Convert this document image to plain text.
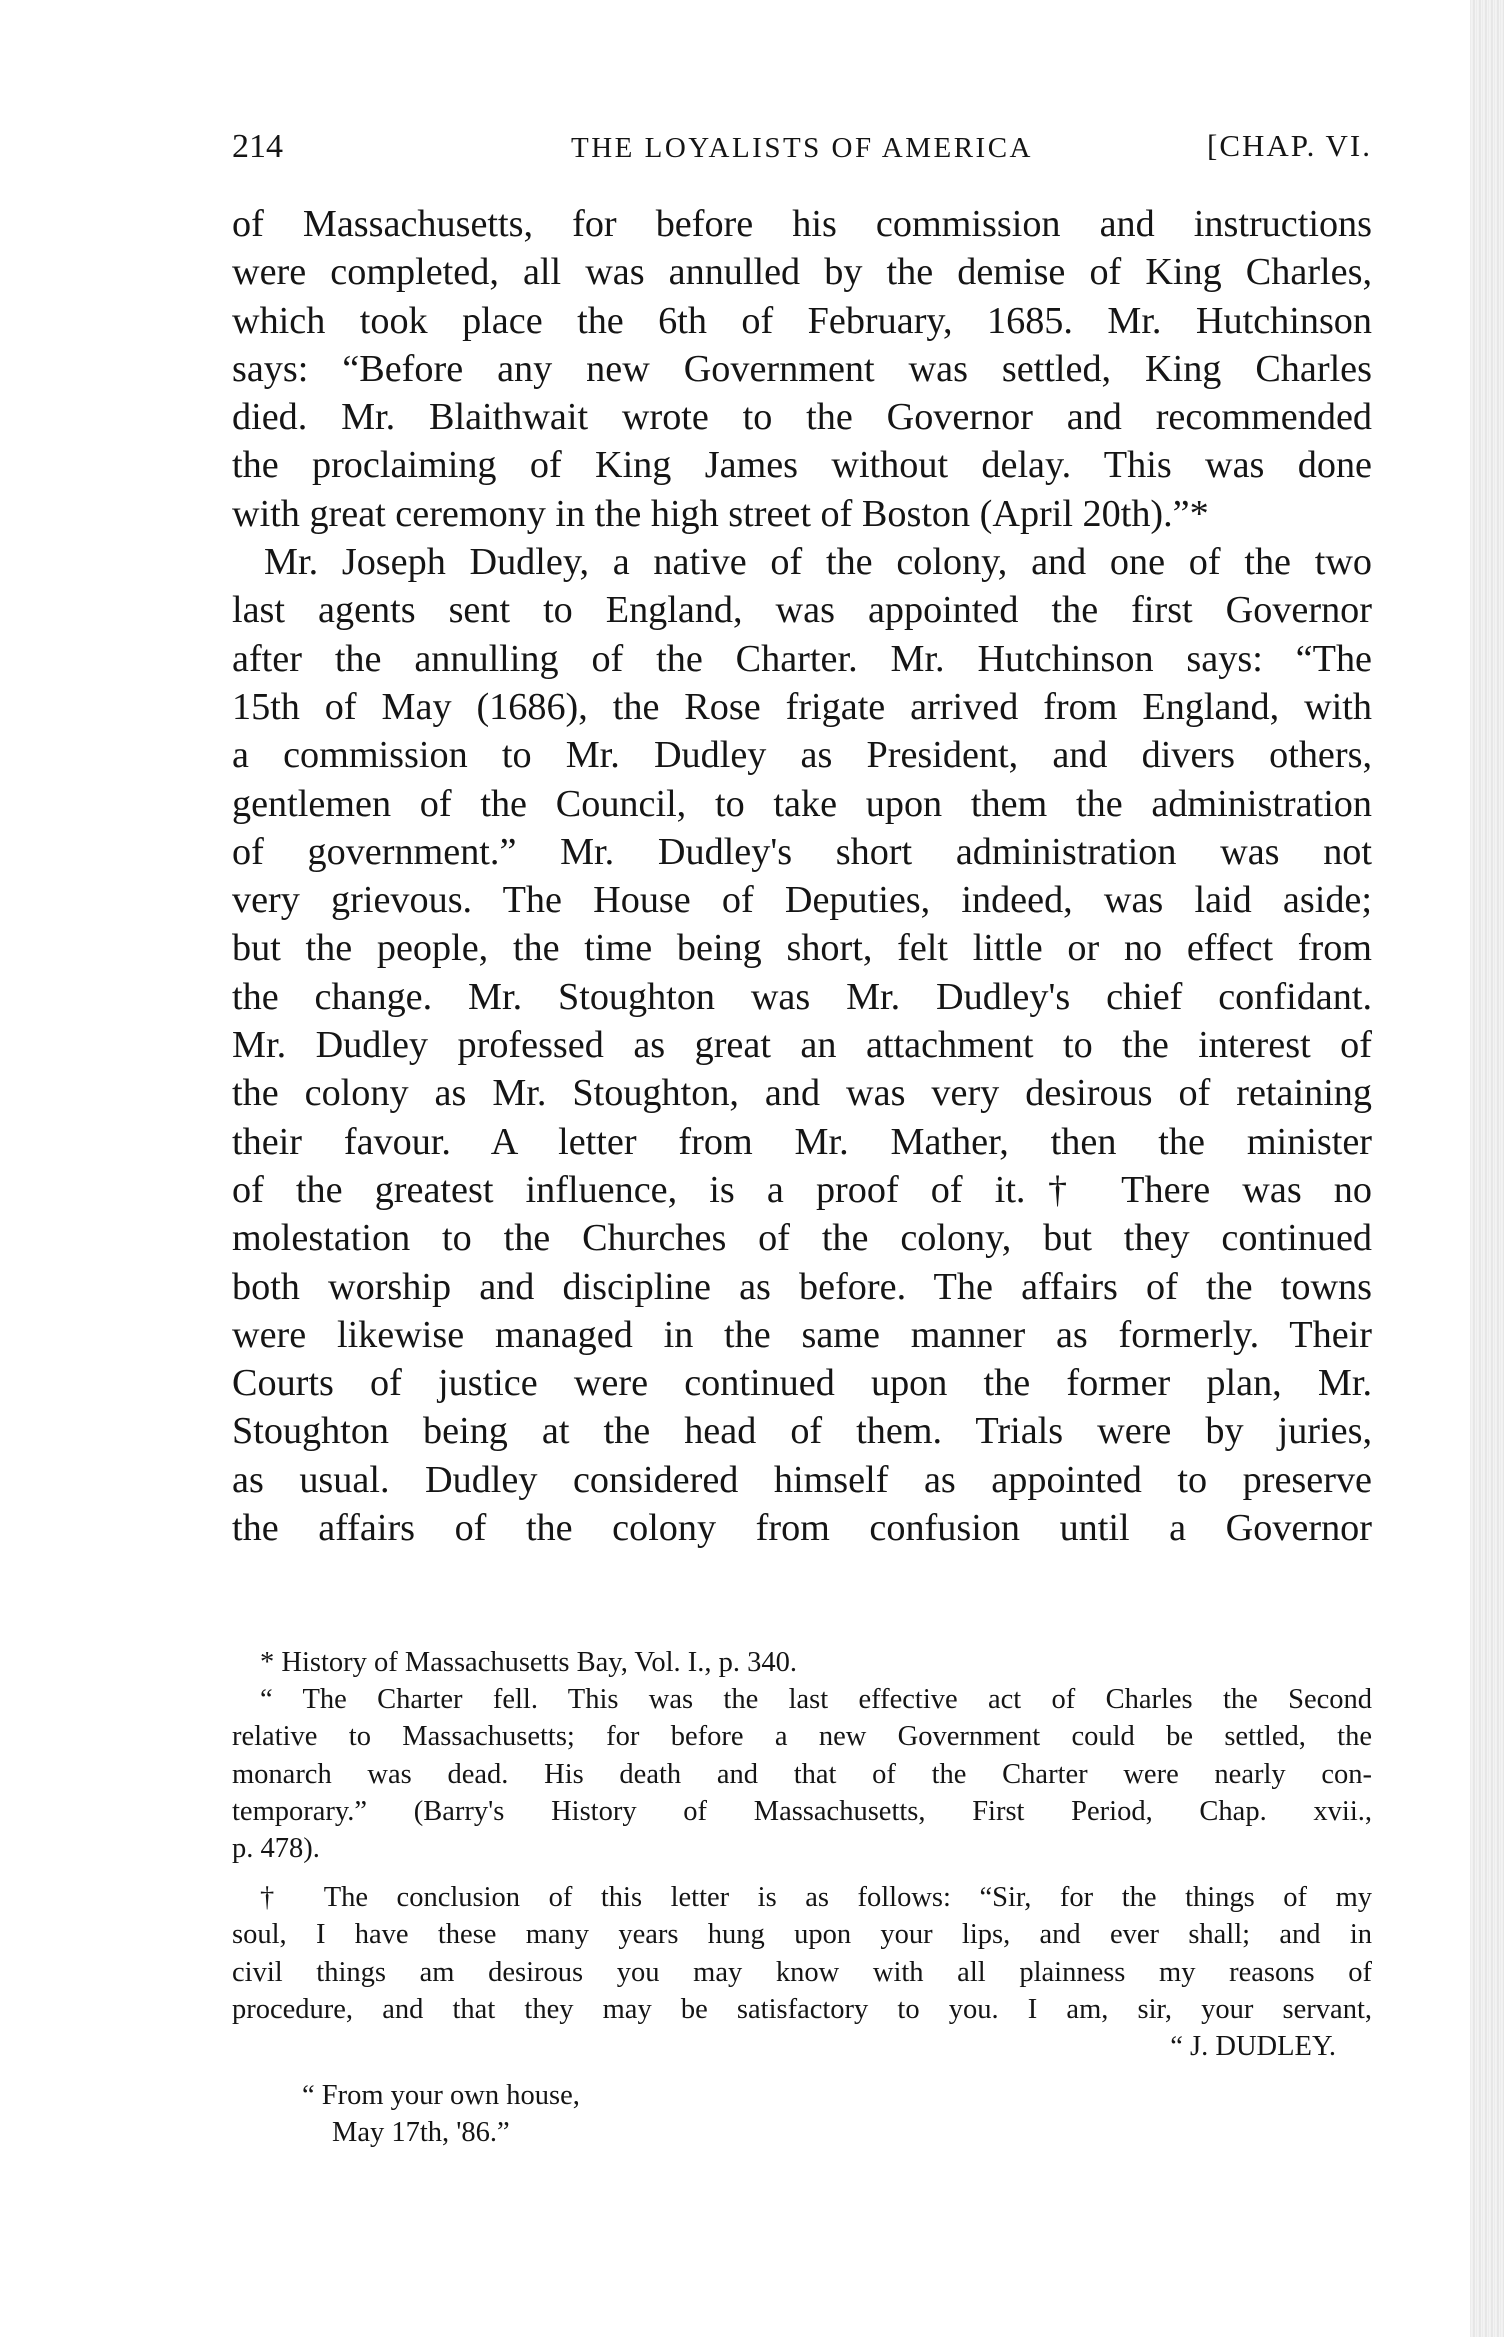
214	THE LOYALISTS OF AMERICA	[CHAP. VI.
of Massachusetts, for before his commission and instructions
were completed, all was annulled by the demise of King Charles,
which took place the 6th of February, 1685. Mr. Hutchinson
says: “Before any new Government was settled, King Charles
died. Mr. Blaithwait wrote to the Governor and recommended
the proclaiming of King James without delay. This was done
with great ceremony in the high street of Boston (April 20th).”*
Mr. Joseph Dudley, a native of the colony, and one of the two
last agents sent to England, was appointed the first Governor
after the annulling of the Charter. Mr. Hutchinson says: “The
15th of May (1686), the Rose frigate arrived from England, with
a commission to Mr. Dudley as President, and divers others,
gentlemen of the Council, to take upon them the administration
of government.” Mr. Dudley's short administration was not
very grievous. The House of Deputies, indeed, was laid aside;
but the people, the time being short, felt little or no effect from
the change. Mr. Stoughton was Mr. Dudley's chief confidant.
Mr. Dudley professed as great an attachment to the interest of
the colony as Mr. Stoughton, and was very desirous of retaining
their favour. A letter from Mr. Mather, then the minister
of the greatest influence, is a proof of it.† There was no
molestation to the Churches of the colony, but they continued
both worship and discipline as before. The affairs of the towns
were likewise managed in the same manner as formerly. Their
Courts of justice were continued upon the former plan, Mr.
Stoughton being at the head of them. Trials were by juries,
as usual. Dudley considered himself as appointed to preserve
the affairs of the colony from confusion until a Governor
* History of Massachusetts Bay, Vol. I., p. 340.
“ The Charter fell. This was the last effective act of Charles the Second
relative to Massachusetts; for before a new Government could be settled, the
monarch was dead. His death and that of the Charter were nearly con-
temporary.” (Barry's History of Massachusetts, First Period, Chap. xvii.,
p. 478).
† The conclusion of this letter is as follows: “Sir, for the things of my
soul, I have these many years hung upon your lips, and ever shall; and in
civil things am desirous you may know with all plainness my reasons of
procedure, and that they may be satisfactory to you. I am, sir, your servant,
“ J. DUDLEY.
“ From your own house,
May 17th, '86.”
